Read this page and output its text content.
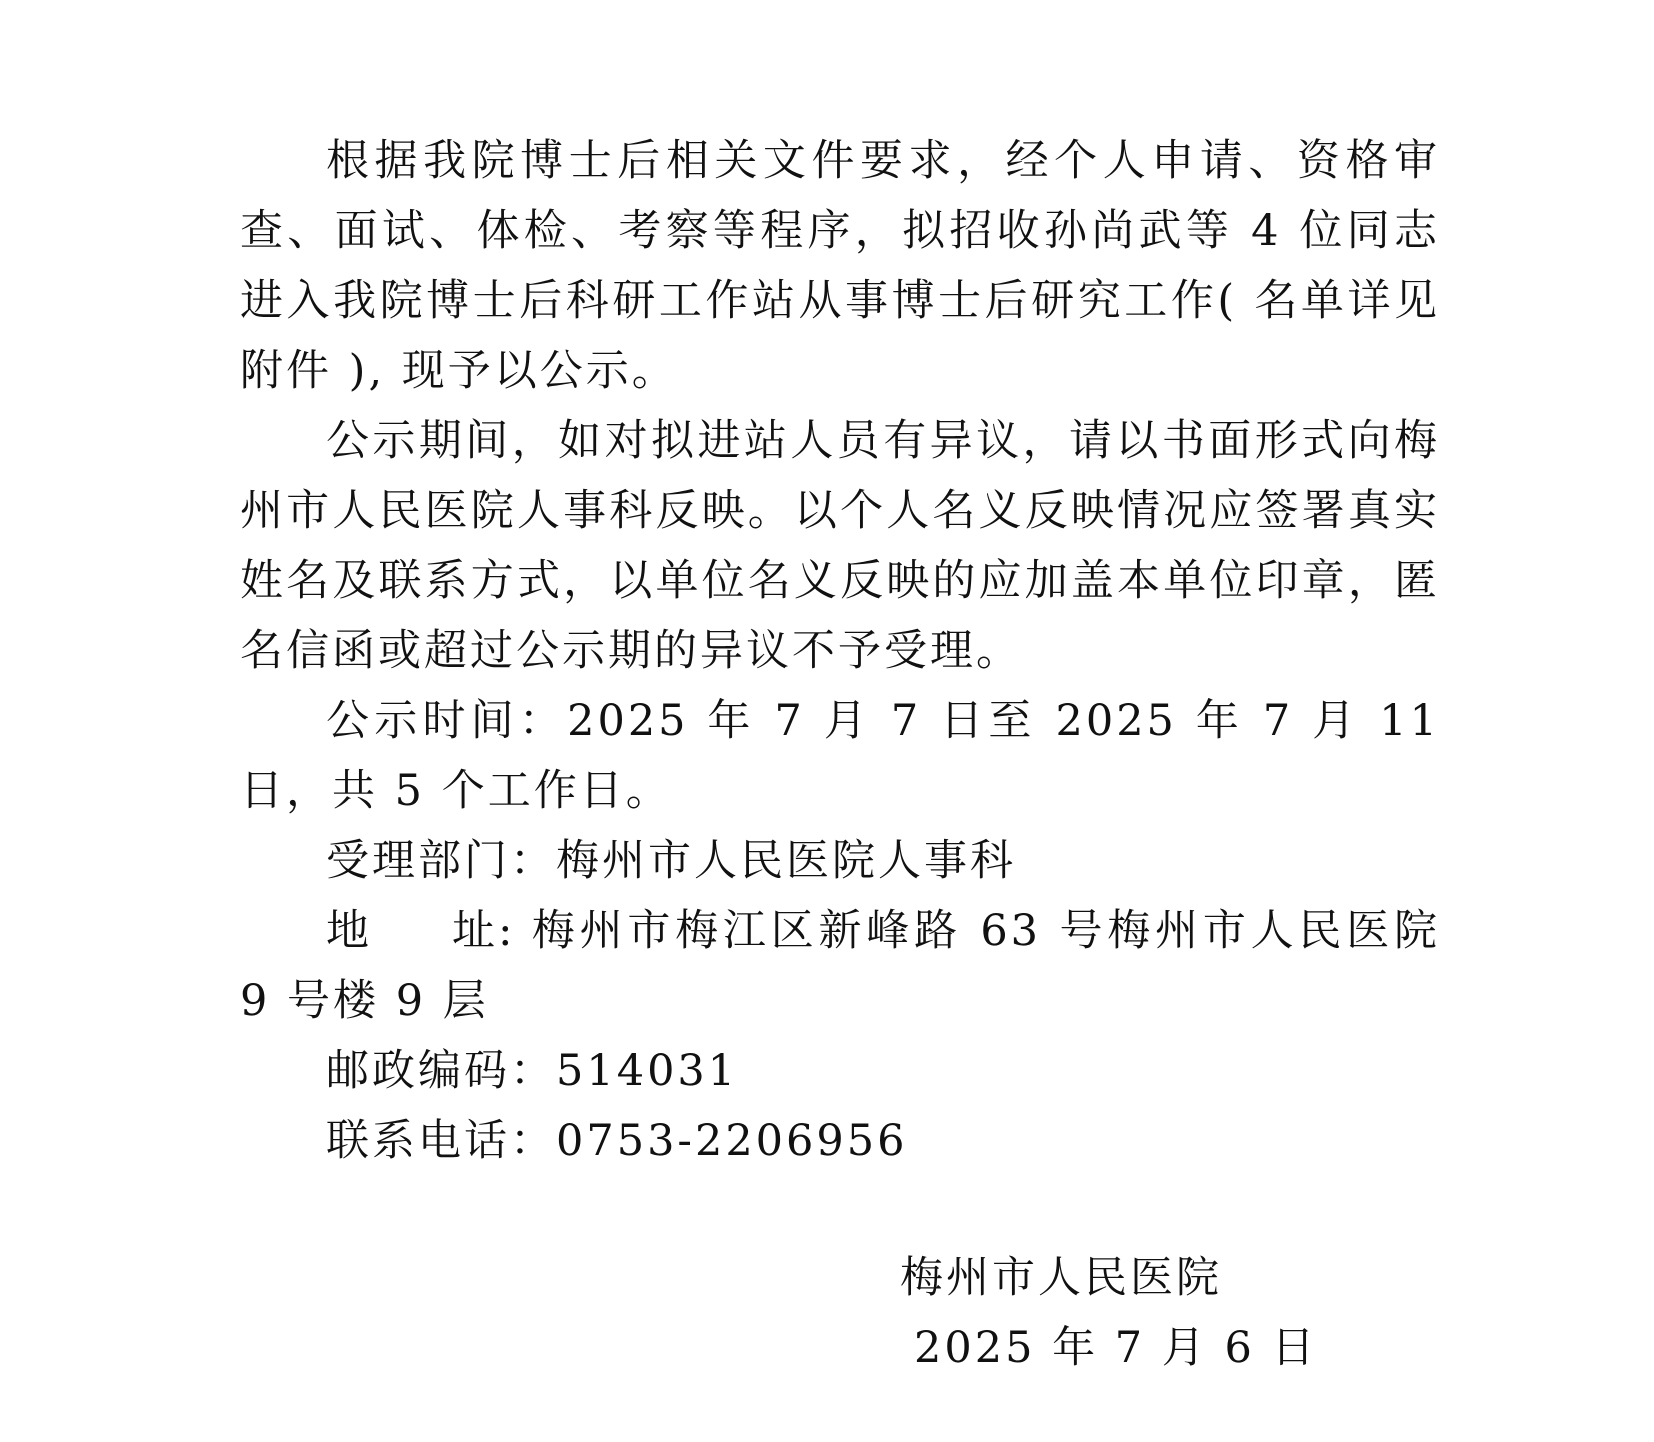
根据我院博士后相关文件要求，经个人申请、资格审查、面试、体检、考察等程序，拟招收孙尚武等 4 位同志进入我院博士后科研工作站从事博士后研究工作( 名单详见附件 ), 现予以公示。

公示期间，如对拟进站人员有异议，请以书面形式向梅州市人民医院人事科反映。以个人名义反映情况应签署真实姓名及联系方式，以单位名义反映的应加盖本单位印章，匿名信函或超过公示期的异议不予受理。

公示时间：2025 年 7 月 7 日至 2025 年 7 月 11 日，共 5 个工作日。

受理部门：梅州市人民医院人事科

地 址: 梅州市梅江区新峰路 63 号梅州市人民医院 9 号楼 9 层

邮政编码：514031

联系电话：0753-2206956

梅州市人民医院
2025 年 7 月 6 日
